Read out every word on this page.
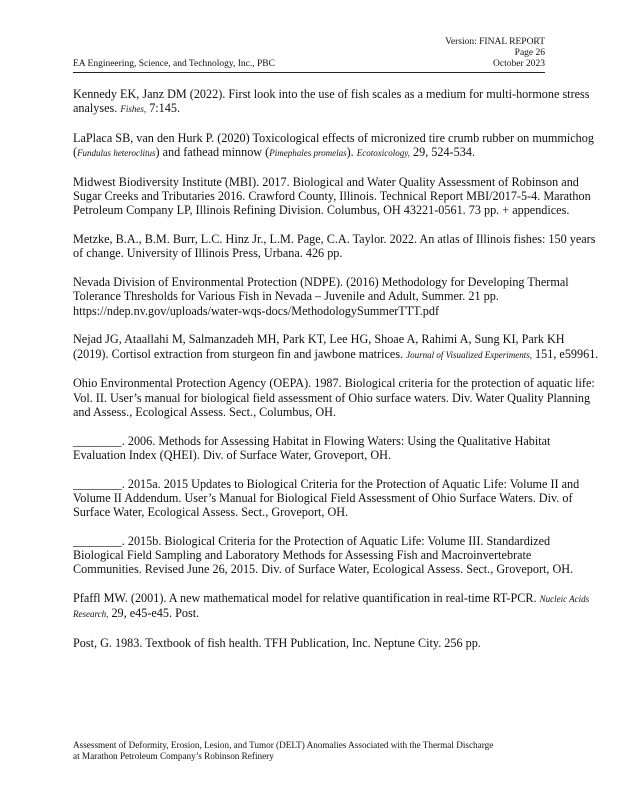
Version: FINAL REPORT
Page 26
October 2023
EA Engineering, Science, and Technology, Inc., PBC

Kennedy EK, Janz DM (2022). First look into the use of fish scales as a medium for multi-hormone stress analyses. Fishes, 7:145.

LaPlaca SB, van den Hurk P. (2020) Toxicological effects of micronized tire crumb rubber on mummichog (Fundulus heteroclitus) and fathead minnow (Pimephales promelas). Ecotoxicology, 29, 524-534.

Midwest Biodiversity Institute (MBI). 2017. Biological and Water Quality Assessment of Robinson and Sugar Creeks and Tributaries 2016. Crawford County, Illinois. Technical Report MBI/2017-5-4. Marathon Petroleum Company LP, Illinois Refining Division. Columbus, OH 43221-0561. 73 pp. + appendices.

Metzke, B.A., B.M. Burr, L.C. Hinz Jr., L.M. Page, C.A. Taylor. 2022. An atlas of Illinois fishes: 150 years of change. University of Illinois Press, Urbana. 426 pp.

Nevada Division of Environmental Protection (NDPE). (2016) Methodology for Developing Thermal Tolerance Thresholds for Various Fish in Nevada – Juvenile and Adult, Summer. 21 pp. https://ndep.nv.gov/uploads/water-wqs-docs/MethodologySummerTTT.pdf

Nejad JG, Ataallahi M, Salmanzadeh MH, Park KT, Lee HG, Shoae A, Rahimi A, Sung KI, Park KH (2019). Cortisol extraction from sturgeon fin and jawbone matrices. Journal of Visualized Experiments, 151, e59961.

Ohio Environmental Protection Agency (OEPA). 1987. Biological criteria for the protection of aquatic life: Vol. II. User’s manual for biological field assessment of Ohio surface waters. Div. Water Quality Planning and Assess., Ecological Assess. Sect., Columbus, OH.

________. 2006. Methods for Assessing Habitat in Flowing Waters: Using the Qualitative Habitat Evaluation Index (QHEI). Div. of Surface Water, Groveport, OH.

________. 2015a. 2015 Updates to Biological Criteria for the Protection of Aquatic Life: Volume II and Volume II Addendum. User’s Manual for Biological Field Assessment of Ohio Surface Waters. Div. of Surface Water, Ecological Assess. Sect., Groveport, OH.

________. 2015b. Biological Criteria for the Protection of Aquatic Life: Volume III. Standardized Biological Field Sampling and Laboratory Methods for Assessing Fish and Macroinvertebrate Communities. Revised June 26, 2015. Div. of Surface Water, Ecological Assess. Sect., Groveport, OH.

Pfaffl MW. (2001). A new mathematical model for relative quantification in real-time RT-PCR. Nucleic Acids Research, 29, e45-e45. Post.

Post, G. 1983. Textbook of fish health. TFH Publication, Inc. Neptune City. 256 pp.

Assessment of Deformity, Erosion, Lesion, and Tumor (DELT) Anomalies Associated with the Thermal Discharge
at Marathon Petroleum Company’s Robinson Refinery
